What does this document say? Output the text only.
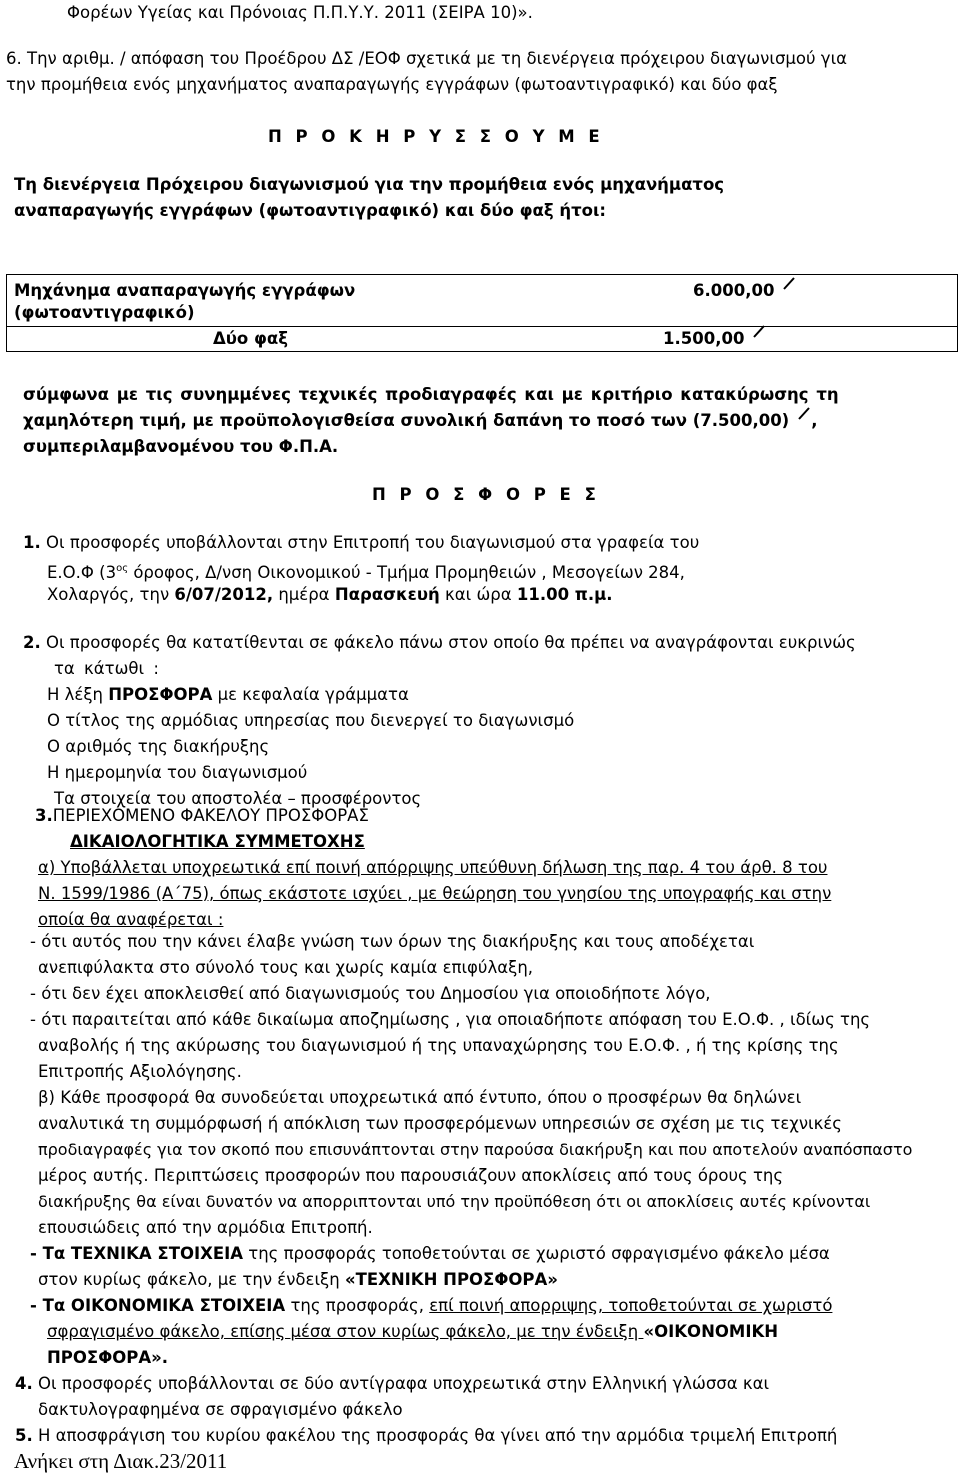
Φορέων Υγείας και Πρόνοιας Π.Π.Υ.Υ. 2011 (ΣΕΙΡΑ 10)».
6. Την αριθμ. / απόφαση του Προέδρου ΔΣ /ΕΟΦ σχετικά με τη διενέργεια πρόχειρου διαγωνισμού για
την προμήθεια ενός μηχανήματος αναπαραγωγής εγγράφων (φωτοαντιγραφικό) και δύο φαξ
Π Ρ Ο Κ Η Ρ Υ Σ Σ Ο Υ Μ Ε
Τη διενέργεια Πρόχειρου διαγωνισμού για την προμήθεια ενός μηχανήματος
αναπαραγωγής εγγράφων (φωτοαντιγραφικό) και δύο φαξ ήτοι:
Μηχάνημα αναπαραγωγής εγγράφων
(φωτοαντιγραφικό)
6.000,00
Δύο φαξ	1.500,00
σύμφωνα με τις συνημμένες τεχνικές προδιαγραφές και με κριτήριο κατακύρωσης τη
χαμηλότερη τιμή, με προϋπολογισθείσα συνολική δαπάνη το ποσό των (7.500,00) ,
συμπεριλαμβανομένου του Φ.Π.Α.
Π Ρ Ο Σ Φ Ο Ρ Ε Σ
1. Οι προσφορές υποβάλλονται στην Επιτροπή του διαγωνισμού στα γραφεία του
Ε.Ο.Φ ($3^{o\varsigma}$ όροφος, Δ/νση Οικονομικού - Τμήμα Προμηθειών , Μεσογείων 284,
Χολαργός, την 6/07/2012, ημέρα Παρασκευή και ώρα 11.00 π.μ.
2. Οι προσφορές θα κατατίθενται σε φάκελο πάνω στον οποίο θα πρέπει να αναγράφονται ευκρινώς
τα κάτωθι :
Η λέξη ΠΡΟΣΦΟΡΑ με κεφαλαία γράμματα
Ο τίτλος της αρμόδιας υπηρεσίας που διενεργεί το διαγωνισμό
Ο αριθμός της διακήρυξης
Η ημερομηνία του διαγωνισμού
Τα στοιχεία του αποστολέα – προσφέροντος
3.ΠΕΡΙΕΧΟΜΕΝΟ ΦΑΚΕΛΟΥ ΠΡΟΣΦΟΡΑΣ
ΔΙΚΑΙΟΛΟΓΗΤΙΚΑ ΣΥΜΜΕΤΟΧΗΣ
α) Υποβάλλεται υποχρεωτικά επί ποινή απόρριψης υπεύθυνη δήλωση της παρ. 4 του άρθ. 8 του
Ν. 1599/1986 (Α΄75), όπως εκάστοτε ισχύει , με θεώρηση του γνησίου της υπογραφής και στην
οποία θα αναφέρεται :
- ότι αυτός που την κάνει έλαβε γνώση των όρων της διακήρυξης και τους αποδέχεται
ανεπιφύλακτα στο σύνολό τους και χωρίς καμία επιφύλαξη,
- ότι δεν έχει αποκλεισθεί από διαγωνισμούς του Δημοσίου για οποιοδήποτε λόγο,
- ότι παραιτείται από κάθε δικαίωμα αποζημίωσης , για οποιαδήποτε απόφαση του Ε.Ο.Φ. , ιδίως της
αναβολής ή της ακύρωσης του διαγωνισμού ή της υπαναχώρησης του Ε.Ο.Φ. , ή της κρίσης της
Επιτροπής Αξιολόγησης.
β) Κάθε προσφορά θα συνοδεύεται υποχρεωτικά από έντυπο, όπου ο προσφέρων θα δηλώνει
αναλυτικά τη συμμόρφωσή ή απόκλιση των προσφερόμενων υπηρεσιών σε σχέση με τις τεχνικές
προδιαγραφές για τον σκοπό που επισυνάπτονται στην παρούσα διακήρυξη και που αποτελούν αναπόσπαστο
μέρος αυτής. Περιπτώσεις προσφορών που παρουσιάζουν αποκλίσεις από τους όρους της
διακήρυξης θα είναι δυνατόν να απορριπτονται υπό την προϋπόθεση ότι οι αποκλίσεις αυτές κρίνονται
επουσιώδεις από την αρμόδια Επιτροπή.
- Τα ΤΕΧΝΙΚΑ ΣΤΟΙΧΕΙΑ της προσφοράς τοποθετούνται σε χωριστό σφραγισμένο φάκελο μέσα
στον κυρίως φάκελο, με την ένδειξη «ΤΕΧΝΙΚΗ ΠΡΟΣΦΟΡΑ»
- Τα ΟΙΚΟΝΟΜΙΚΑ ΣΤΟΙΧΕΙΑ της προσφοράς, επί ποινή απορριψης, τοποθετούνται σε χωριστό
σφραγισμένο φάκελο, επίσης μέσα στον κυρίως φάκελο, με την ένδειξη «ΟΙΚΟΝΟΜΙΚΗ
ΠΡΟΣΦΟΡΑ».
4. Οι προσφορές υποβάλλονται σε δύο αντίγραφα υποχρεωτικά στην Ελληνική γλώσσα και
δακτυλογραφημένα σε σφραγισμένο φάκελο
5. Η αποσφράγιση του κυρίου φακέλου της προσφοράς θα γίνει από την αρμόδια τριμελή Επιτροπή
Ανήκει στη Διακ.23/2011
